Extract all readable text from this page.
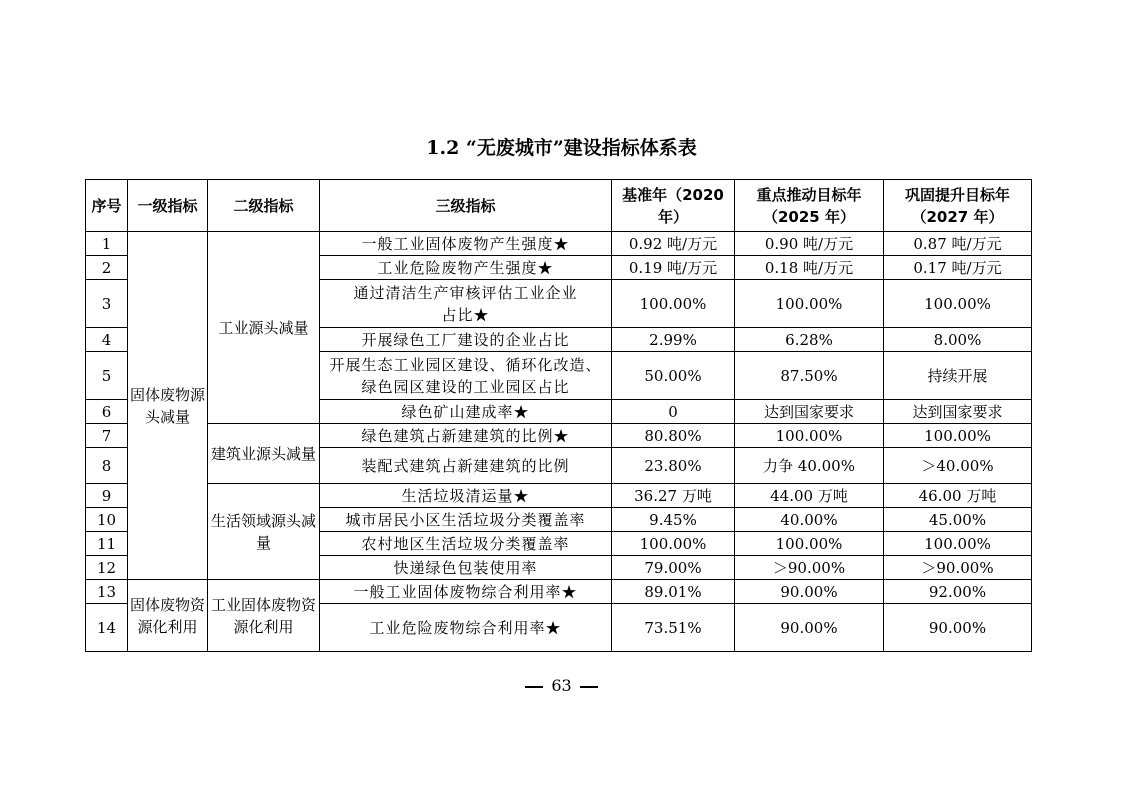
1.2 “无废城市”建设指标体系表
序号	一级指标	二级指标	三级指标	基准年（2020 年）	重点推动目标年（2025 年）	巩固提升目标年（2027 年）
1	固体废物源头减量	工业源头减量	一般工业固体废物产生强度★	0.92 吨/万元	0.90 吨/万元	0.87 吨/万元
2			工业危险废物产生强度★	0.19 吨/万元	0.18 吨/万元	0.17 吨/万元
3			通过清洁生产审核评估工业企业占比★	100.00%	100.00%	100.00%
4			开展绿色工厂建设的企业占比	2.99%	6.28%	8.00%
5			开展生态工业园区建设、循环化改造、绿色园区建设的工业园区占比	50.00%	87.50%	持续开展
6			绿色矿山建成率★	0	达到国家要求	达到国家要求
7		建筑业源头减量	绿色建筑占新建建筑的比例★	80.80%	100.00%	100.00%
8			装配式建筑占新建建筑的比例	23.80%	力争 40.00%	＞40.00%
9		生活领域源头减量	生活垃圾清运量★	36.27 万吨	44.00 万吨	46.00 万吨
10			城市居民小区生活垃圾分类覆盖率	9.45%	40.00%	45.00%
11			农村地区生活垃圾分类覆盖率	100.00%	100.00%	100.00%
12			快递绿色包装使用率	79.00%	＞90.00%	＞90.00%
13	固体废物资源化利用	工业固体废物资源化利用	一般工业固体废物综合利用率★	89.01%	90.00%	92.00%
14			工业危险废物综合利用率★	73.51%	90.00%	90.00%
63
